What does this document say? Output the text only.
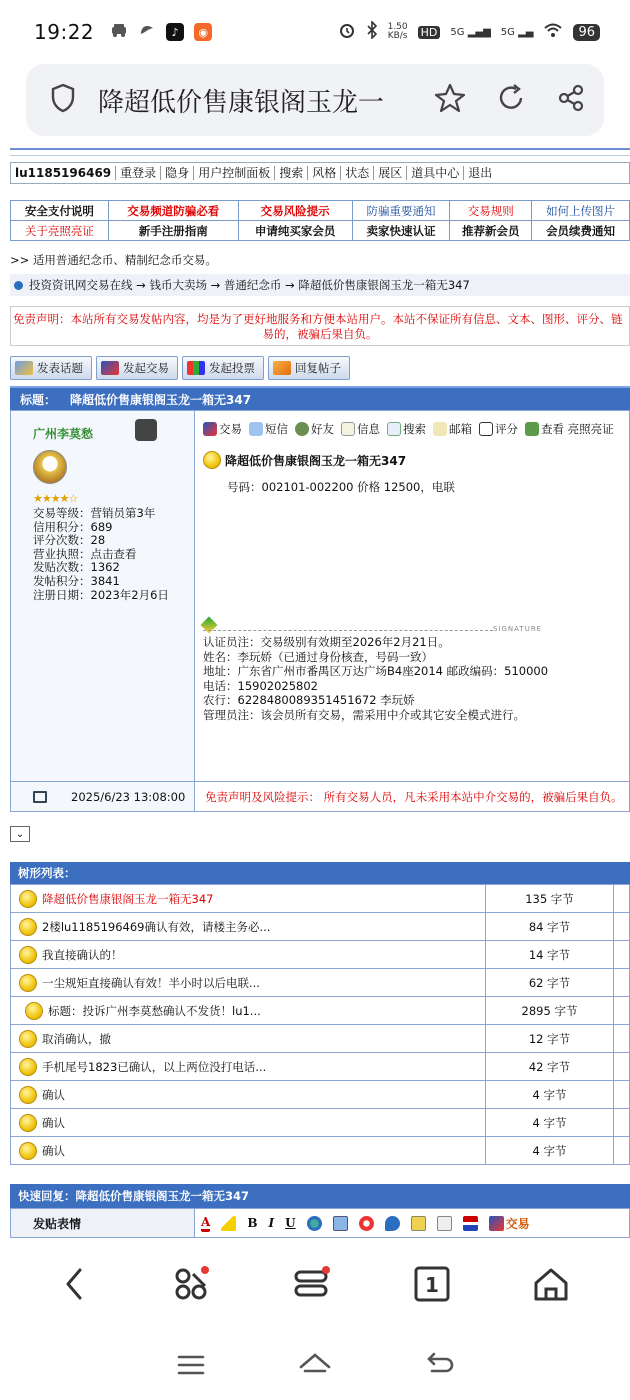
19:22	♪	◉	1.50
KB/s HD	5G ▂▄▆ 5G ▂▄	96
降超低价售康银阁玉龙一
lu1185196469 重登录 隐身 用户控制面板 搜索 风格 状态 展区 道具中心 退出
安全支付说明	交易频道防骗必看	交易风险提示	防骗重要通知	交易规则	如何上传图片
关于亮照亮证	新手注册指南	申请纯买家会员	卖家快速认证	推荐新会员	会员续费通知
>> 适用普通纪念币、精制纪念币交易。
投资资讯网交易在线 → 钱币大卖场 → 普通纪念币 → 降超低价售康银阁玉龙一箱无347
免责声明：本站所有交易发帖内容，均是为了更好地服务和方便本站用户。本站不保证所有信息、文本、图形、评分、链

易的，被骗后果自负。
发表话题	发起交易	发起投票	回复帖子
标题： 降超低价售康银阁玉龙一箱无347
广州李莫愁
★★★★☆
交易等级：营销员第3年
信用积分：689
评分次数：28
营业执照：点击查看
发贴次数：1362
发帖积分：3841
注册日期：2023年2月6日
交易 短信 好友 信息 搜索 邮箱 评分 查看 亮照亮证
降超低价售康银阁玉龙一箱无347
号码：002101-002200 价格 12500，电联
SIGNATURE
认证员注：交易级别有效期至2026年2月21日。
姓名：李玩娇（已通过身份核查，号码一致）
地址：广东省广州市番禺区万达广场B4座2014 邮政编码：510000
电话：15902025802
农行：6228480089351451672 李玩娇
管理员注：该会员所有交易，需采用中介或其它安全模式进行。
2025/6/23 13:08:00	免责声明及风险提示： 所有交易人员，凡未采用本站中介交易的，被骗后果自负。
⌄
树形列表：
降超低价售康银阁玉龙一箱无347	135 字节	

2楼lu1185196469确认有效，请楼主务必...	84 字节	

我直接确认的！	14 字节	

一尘规矩直接确认有效！半小时以后电联...	62 字节	

标题：投诉广州李莫愁确认不发货！lu1...	2895 字节	

取消确认，撤	12 字节	

手机尾号1823已确认，以上两位没打电话...	42 字节	

确认	4 字节	

确认	4 字节	

确认	4 字节	
快速回复：降超低价售康银阁玉龙一箱无347
发贴表情	A	B I U	交易
1
